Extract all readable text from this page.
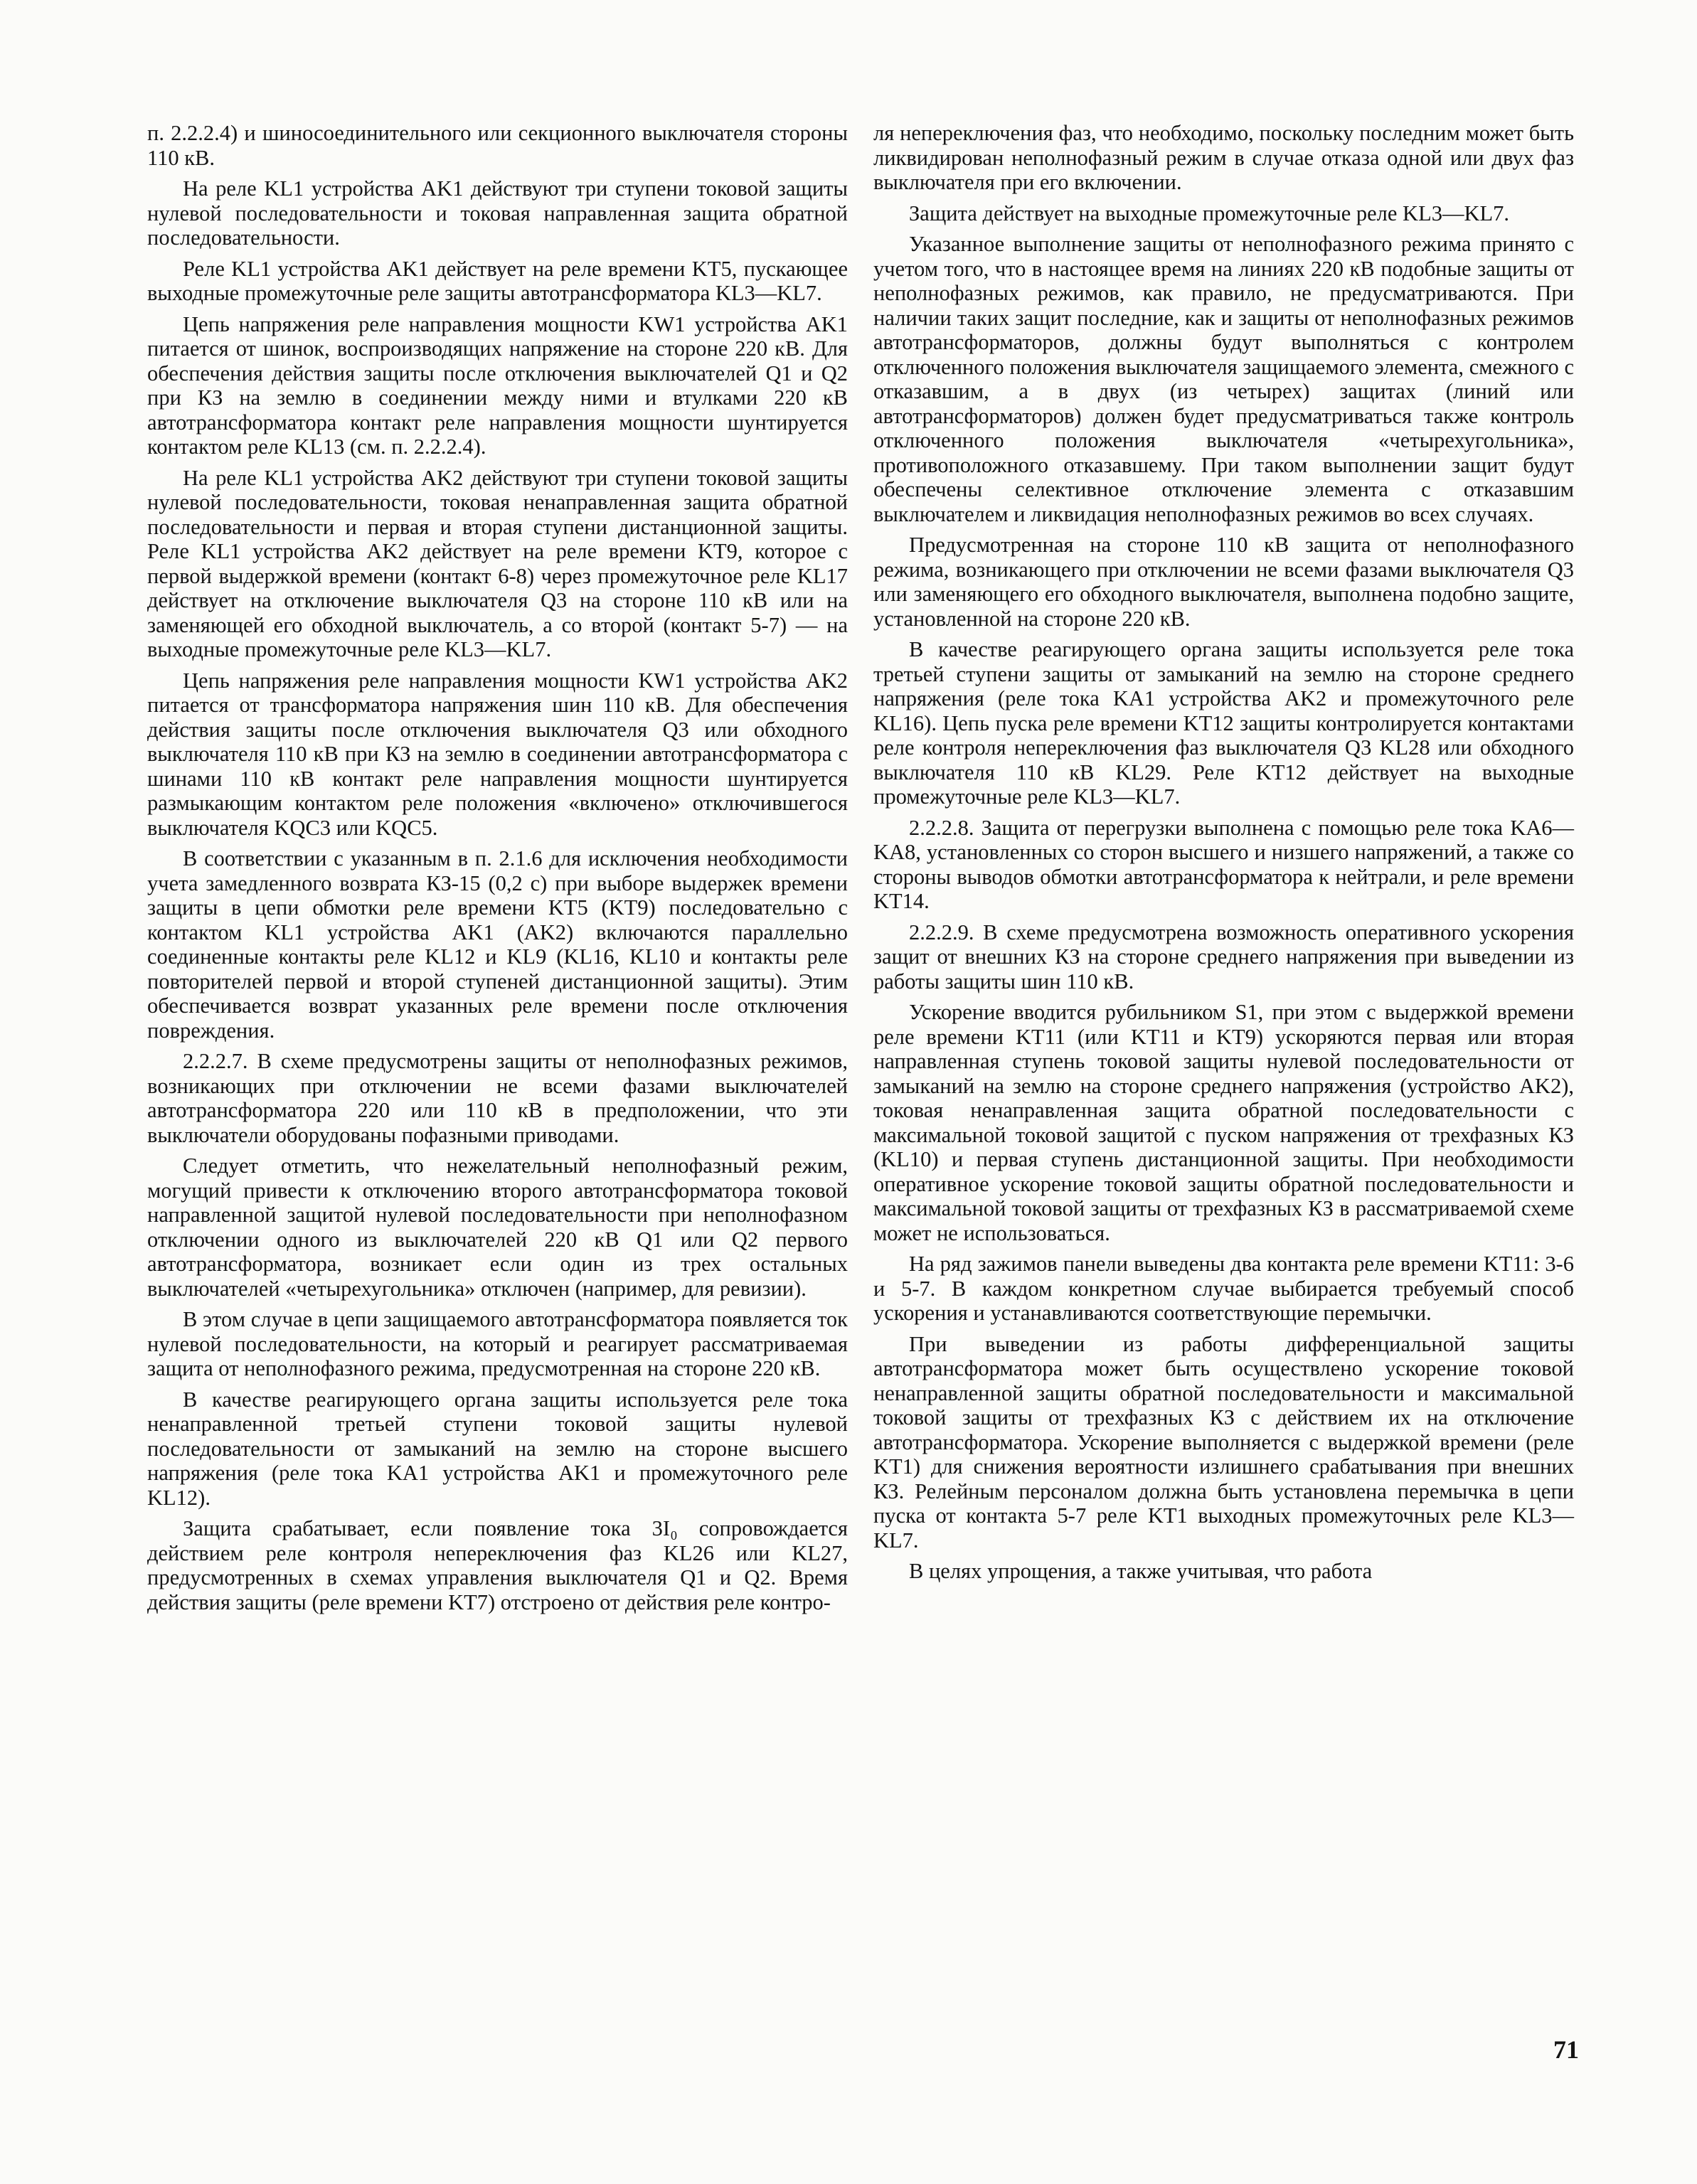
п. 2.2.2.4) и шиносоединительного или секционного выключателя стороны 110 кВ.

На реле KL1 устройства AK1 действуют три ступени токовой защиты нулевой последовательности и токовая направленная защита обратной последовательности.

Реле KL1 устройства AK1 действует на реле времени KT5, пускающее выходные промежуточные реле защиты автотрансформатора KL3—KL7.

Цепь напряжения реле направления мощности KW1 устройства AK1 питается от шинок, воспроизводящих напряжение на стороне 220 кВ. Для обеспечения действия защиты после отключения выключателей Q1 и Q2 при КЗ на землю в соединении между ними и втулками 220 кВ автотрансформатора контакт реле направления мощности шунтируется контактом реле KL13 (см. п. 2.2.2.4).

На реле KL1 устройства AK2 действуют три ступени токовой защиты нулевой последовательности, токовая ненаправленная защита обратной последовательности и первая и вторая ступени дистанционной защиты. Реле KL1 устройства AK2 действует на реле времени KT9, которое с первой выдержкой времени (контакт 6-8) через промежуточное реле KL17 действует на отключение выключателя Q3 на стороне 110 кВ или на заменяющей его обходной выключатель, а со второй (контакт 5-7) — на выходные промежуточные реле KL3—KL7.

Цепь напряжения реле направления мощности KW1 устройства AK2 питается от трансформатора напряжения шин 110 кВ. Для обеспечения действия защиты после отключения выключателя Q3 или обходного выключателя 110 кВ при КЗ на землю в соединении автотрансформатора с шинами 110 кВ контакт реле направления мощности шунтируется размыкающим контактом реле положения «включено» отключившегося выключателя KQC3 или KQC5.

В соответствии с указанным в п. 2.1.6 для исключения необходимости учета замедленного возврата КЗ-15 (0,2 с) при выборе выдержек времени защиты в цепи обмотки реле времени KT5 (KT9) последовательно с контактом KL1 устройства AK1 (AK2) включаются параллельно соединенные контакты реле KL12 и KL9 (KL16, KL10 и контакты реле повторителей первой и второй ступеней дистанционной защиты). Этим обеспечивается возврат указанных реле времени после отключения повреждения.

2.2.2.7. В схеме предусмотрены защиты от неполнофазных режимов, возникающих при отключении не всеми фазами выключателей автотрансформатора 220 или 110 кВ в предположении, что эти выключатели оборудованы пофазными приводами.

Следует отметить, что нежелательный неполнофазный режим, могущий привести к отключению второго автотрансформатора токовой направленной защитой нулевой последовательности при неполнофазном отключении одного из выключателей 220 кВ Q1 или Q2 первого автотрансформатора, возникает если один из трех остальных выключателей «четырехугольника» отключен (например, для ревизии).

В этом случае в цепи защищаемого автотрансформатора появляется ток нулевой последовательности, на который и реагирует рассматриваемая защита от неполнофазного режима, предусмотренная на стороне 220 кВ.

В качестве реагирующего органа защиты используется реле тока ненаправленной третьей ступени токовой защиты нулевой последовательности от замыканий на землю на стороне высшего напряжения (реле тока KA1 устройства AK1 и промежуточного реле KL12).

Защита срабатывает, если появление тока 3I₀ сопровождается действием реле контроля непереключения фаз KL26 или KL27, предусмотренных в схемах управления выключателя Q1 и Q2. Время действия защиты (реле времени KT7) отстроено от действия реле контро-

ля непереключения фаз, что необходимо, поскольку последним может быть ликвидирован неполнофазный режим в случае отказа одной или двух фаз выключателя при его включении.

Защита действует на выходные промежуточные реле KL3—KL7.

Указанное выполнение защиты от неполнофазного режима принято с учетом того, что в настоящее время на линиях 220 кВ подобные защиты от неполнофазных режимов, как правило, не предусматриваются. При наличии таких защит последние, как и защиты от неполнофазных режимов автотрансформаторов, должны будут выполняться с контролем отключенного положения выключателя защищаемого элемента, смежного с отказавшим, а в двух (из четырех) защитах (линий или автотрансформаторов) должен будет предусматриваться также контроль отключенного положения выключателя «четырехугольника», противоположного отказавшему. При таком выполнении защит будут обеспечены селективное отключение элемента с отказавшим выключателем и ликвидация неполнофазных режимов во всех случаях.

Предусмотренная на стороне 110 кВ защита от неполнофазного режима, возникающего при отключении не всеми фазами выключателя Q3 или заменяющего его обходного выключателя, выполнена подобно защите, установленной на стороне 220 кВ.

В качестве реагирующего органа защиты используется реле тока третьей ступени защиты от замыканий на землю на стороне среднего напряжения (реле тока KA1 устройства AK2 и промежуточного реле KL16). Цепь пуска реле времени KT12 защиты контролируется контактами реле контроля непереключения фаз выключателя Q3 KL28 или обходного выключателя 110 кВ KL29. Реле KT12 действует на выходные промежуточные реле KL3—KL7.

2.2.2.8. Защита от перегрузки выполнена с помощью реле тока KA6—KA8, установленных со сторон высшего и низшего напряжений, а также со стороны выводов обмотки автотрансформатора к нейтрали, и реле времени KT14.

2.2.2.9. В схеме предусмотрена возможность оперативного ускорения защит от внешних КЗ на стороне среднего напряжения при выведении из работы защиты шин 110 кВ.

Ускорение вводится рубильником S1, при этом с выдержкой времени реле времени KT11 (или KT11 и KT9) ускоряются первая или вторая направленная ступень токовой защиты нулевой последовательности от замыканий на землю на стороне среднего напряжения (устройство AK2), токовая ненаправленная защита обратной последовательности с максимальной токовой защитой с пуском напряжения от трехфазных КЗ (KL10) и первая ступень дистанционной защиты. При необходимости оперативное ускорение токовой защиты обратной последовательности и максимальной токовой защиты от трехфазных КЗ в рассматриваемой схеме может не использоваться.

На ряд зажимов панели выведены два контакта реле времени KT11: 3-6 и 5-7. В каждом конкретном случае выбирается требуемый способ ускорения и устанавливаются соответствующие перемычки.

При выведении из работы дифференциальной защиты автотрансформатора может быть осуществлено ускорение токовой ненаправленной защиты обратной последовательности и максимальной токовой защиты от трехфазных КЗ с действием их на отключение автотрансформатора. Ускорение выполняется с выдержкой времени (реле KT1) для снижения вероятности излишнего срабатывания при внешних КЗ. Релейным персоналом должна быть установлена перемычка в цепи пуска от контакта 5-7 реле KT1 выходных промежуточных реле KL3—KL7.

В целях упрощения, а также учитывая, что работа

71
